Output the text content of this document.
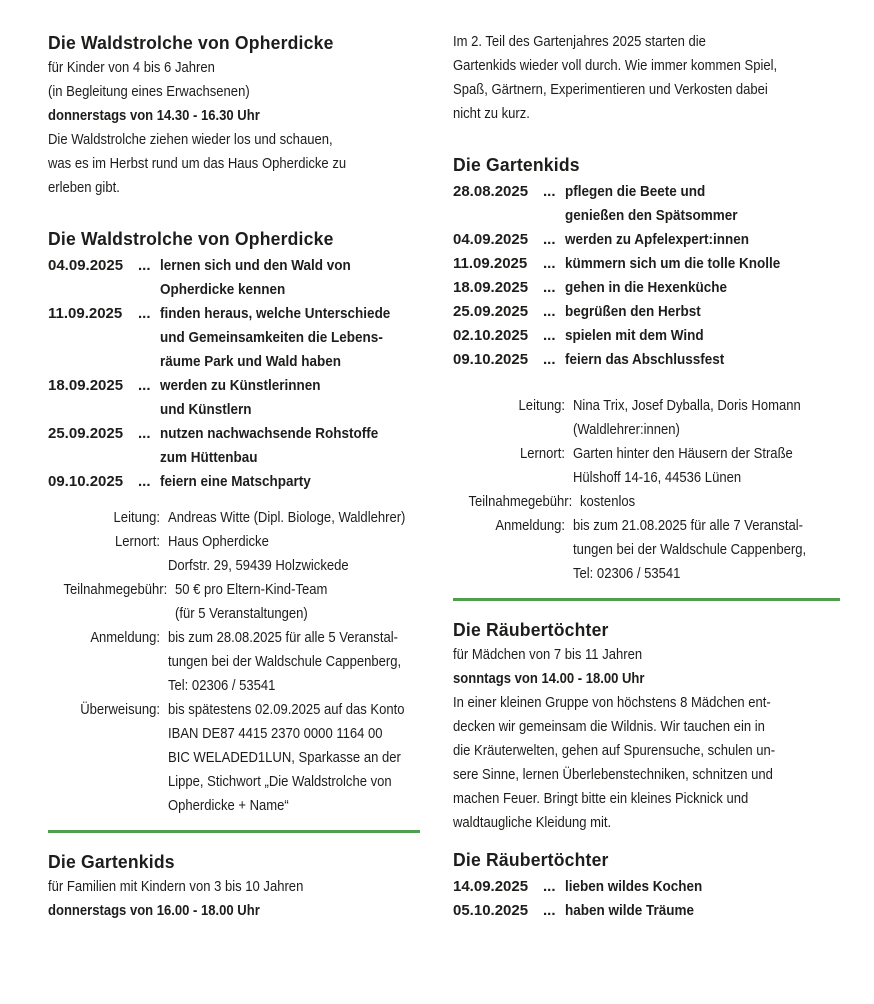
Die Waldstrolche von Opherdicke

für Kinder von 4 bis 6 Jahren
(in Begleitung eines Erwachsenen)

donnerstags von 14.30 - 16.30 Uhr

Die Waldstrolche ziehen wieder los und schauen,
was es im Herbst rund um das Haus Opherdicke zu
erleben gibt.

Die Waldstrolche von Opherdicke
04.09.2025 ... lernen sich und den Wald von
Opherdicke kennen
11.09.2025	... finden heraus, welche Unterschiede
und Gemeinsamkeiten die Lebens-
räume Park und Wald haben
18.09.2025 ... werden zu Künstlerinnen
und Künstlern
25.09.2025 ... nutzen nachwachsende Rohstoffe
zum Hüttenbau
09.10.2025 ... feiern eine Matschparty
Leitung: Andreas Witte (Dipl. Biologe, Waldlehrer)
Lernort: Haus Opherdicke
Dorfstr. 29, 59439 Holzwickede
Teilnahmegebühr: 50 € pro Eltern-Kind-Team
(für 5 Veranstaltungen)
Anmeldung: bis zum 28.08.2025 für alle 5 Veranstal-
tungen bei der Waldschule Cappenberg,
Tel: 02306 / 53541
Überweisung: bis spätestens 02.09.2025 auf das Konto
IBAN DE87 4415 2370 0000 1164 00
BIC WELADED1LUN, Sparkasse an der
Lippe, Stichwort „Die Waldstrolche von
Opherdicke + Name“
Die Gartenkids

für Familien mit Kindern von 3 bis 10 Jahren

donnerstags von 16.00 - 18.00 Uhr

Im 2. Teil des Gartenjahres 2025 starten die
Gartenkids wieder voll durch. Wie immer kommen Spiel,
Spaß, Gärtnern, Experimentieren und Verkosten dabei
nicht zu kurz.

Die Gartenkids
28.08.2025 ... pflegen die Beete und
genießen den Spätsommer
04.09.2025 ... werden zu Apfelexpert:innen
11.09.2025	... kümmern sich um die tolle Knolle
18.09.2025 ... gehen in die Hexenküche
25.09.2025 ... begrüßen den Herbst
02.10.2025 ... spielen mit dem Wind
09.10.2025 ... feiern das Abschlussfest
Leitung: Nina Trix, Josef Dyballa, Doris Homann
(Waldlehrer:innen)
Lernort: Garten hinter den Häusern der Straße
Hülshoff 14-16, 44536 Lünen
Teilnahmegebühr: kostenlos
Anmeldung: bis zum 21.08.2025 für alle 7 Veranstal-
tungen bei der Waldschule Cappenberg,
Tel: 02306 / 53541
Die Räubertöchter

für Mädchen von 7 bis 11 Jahren

sonntags von 14.00 - 18.00 Uhr

In einer kleinen Gruppe von höchstens 8 Mädchen ent-
decken wir gemeinsam die Wildnis. Wir tauchen ein in
die Kräuterwelten, gehen auf Spurensuche, schulen un-
sere Sinne, lernen Überlebenstechniken, schnitzen und
machen Feuer. Bringt bitte ein kleines Picknick und
waldtaugliche Kleidung mit.

Die Räubertöchter
14.09.2025 ... lieben wildes Kochen
05.10.2025 ... haben wilde Träume
